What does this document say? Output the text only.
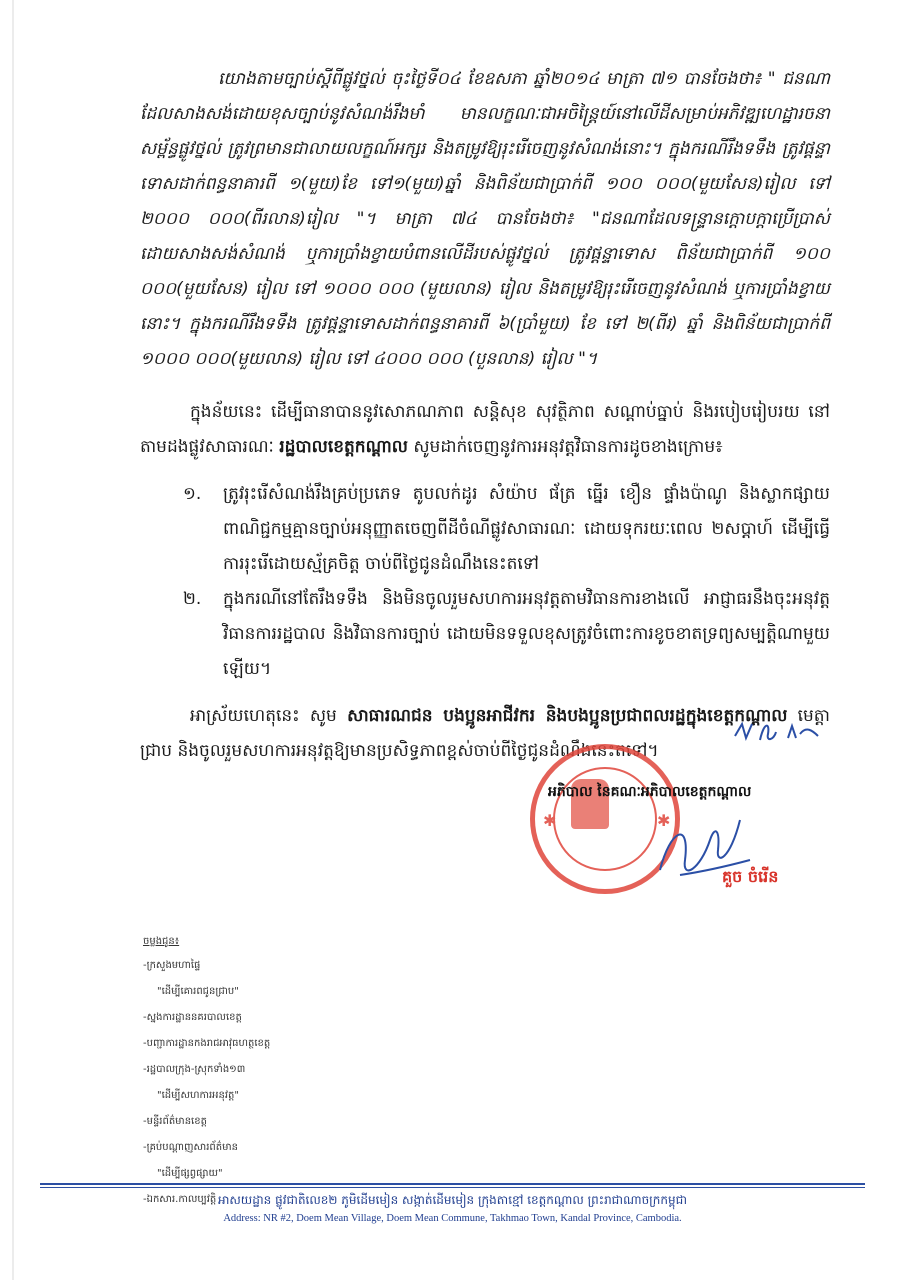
យោងតាមច្បាប់ស្តីពីផ្លូវថ្នល់ ចុះថ្ងៃទី០៤ ខែឧសភា ឆ្នាំ២០១៤ មាត្រា ៧១ បានចែងថា៖ " ជនណាដែលសាងសង់ដោយខុសច្បាប់នូវសំណង់រឹងមាំ មានលក្ខណៈជាអចិន្ត្រៃយ៍នៅលើដីសម្រាប់អភិវឌ្ឍហេដ្ឋារចនាសម្ព័ន្ធផ្លូវថ្នល់ ត្រូវព្រមានជាលាយលក្ខណ៍អក្សរ និងតម្រូវឱ្យរុះរើចេញនូវសំណង់នោះ។ ក្នុងករណីរឹងទទឹង ត្រូវផ្តន្ទាទោសដាក់ពន្ធនាគារពី ១(មួយ)ខែ ទៅ១(មួយ)ឆ្នាំ និងពិន័យជាប្រាក់ពី ១០០ ០០០(មួយសែន)រៀល ទៅ ២០០០ ០០០(ពីរលាន)រៀល "។ មាត្រា ៧៤ បានចែងថា៖ "ជនណាដែលទន្ទ្រានក្តោបក្តាប្រើប្រាស់ដោយសាងសង់សំណង់ ឬការប្រាំងខ្វាយបំពានលើដីរបស់ផ្លូវថ្នល់ ត្រូវផ្តន្ទាទោស ពិន័យជាប្រាក់ពី ១០០ ០០០(មួយសែន) រៀល ទៅ ១០០០ ០០០ (មួយលាន) រៀល និងតម្រូវឱ្យរុះរើចេញនូវសំណង់ ឬការប្រាំងខ្វាយនោះ។ ក្នុងករណីរឹងទទឹង ត្រូវផ្តន្ទាទោសដាក់ពន្ធនាគារពី ៦(ប្រាំមួយ) ខែ ទៅ ២(ពីរ) ឆ្នាំ និងពិន័យជាប្រាក់ពី ១០០០ ០០០(មួយលាន) រៀល ទៅ ៤០០០ ០០០ (បួនលាន) រៀល "។

ក្នុងន័យនេះ ដើម្បីធានាបាននូវសោភណភាព សន្តិសុខ សុវត្ថិភាព សណ្តាប់ធ្នាប់ និងរបៀបរៀបរយ នៅតាមដងផ្លូវសាធារណៈ រដ្ឋបាលខេត្តកណ្តាល សូមដាក់ចេញនូវការអនុវត្តវិធានការដូចខាងក្រោម៖

១.	ត្រូវរុះរើសំណង់រឹងគ្រប់ប្រភេទ តូបលក់ដូរ សំយ៉ាប ផ័ត្រ ធ្នើរ ខឿន ផ្ទាំងប៉ាណូ និងស្លាកផ្សាយពាណិជ្ជកម្មគ្មានច្បាប់អនុញ្ញាតចេញពីដីចំណីផ្លូវសាធារណៈ ដោយទុករយៈពេល ២សប្តាហ៍ ដើម្បីធ្វើការរុះរើដោយស្ម័គ្រចិត្ត ចាប់ពីថ្ងៃជូនដំណឹងនេះតទៅ
២.	ក្នុងករណីនៅតែរឹងទទឹង និងមិនចូលរួមសហការអនុវត្តតាមវិធានការខាងលើ អាជ្ញាធរនឹងចុះអនុវត្តវិធានការរដ្ឋបាល និងវិធានការច្បាប់ ដោយមិនទទួលខុសត្រូវចំពោះការខូចខាតទ្រព្យសម្បត្តិណាមួយឡើយ។

អាស្រ័យហេតុនេះ សូម សាធារណជន បងប្អូនអាជីវករ និងបងប្អូនប្រជាពលរដ្ឋក្នុងខេត្តកណ្តាល មេត្តាជ្រាប និងចូលរួមសហការអនុវត្តឱ្យមានប្រសិទ្ធភាពខ្ពស់ចាប់ពីថ្ងៃជូនដំណឹងនេះតទៅ។

✱	✱
អភិបាល នៃគណៈអភិបាលខេត្តកណ្តាល
គួច ចំរើន
ចម្លងជូន៖
-ក្រសួងមហាផ្ទៃ
"ដើម្បីគោរពជូនជ្រាប"
-ស្នងការដ្ឋាននគរបាលខេត្ត
-បញ្ជាការដ្ឋានកងរាជអាវុធហត្ថខេត្ត
-រដ្ឋបាលក្រុង-ស្រុកទាំង១៣
"ដើម្បីសហការអនុវត្ត"
-មន្ទីរព័ត៌មានខេត្ត
-គ្រប់បណ្តាញសារព័ត៌មាន
"ដើម្បីផ្សព្វផ្សាយ"
-ឯកសារ.កាលប្បវត្តិ អាសយដ្ឋាន ផ្លូវជាតិលេខ២ ភូមិដើមមៀន សង្កាត់ដើមមៀន ក្រុងតាខ្មៅ ខេត្តកណ្តាល ព្រះរាជាណាចក្រកម្ពុជា
Address: NR #2, Doem Mean Village, Doem Mean Commune, Takhmao Town, Kandal Province, Cambodia.
